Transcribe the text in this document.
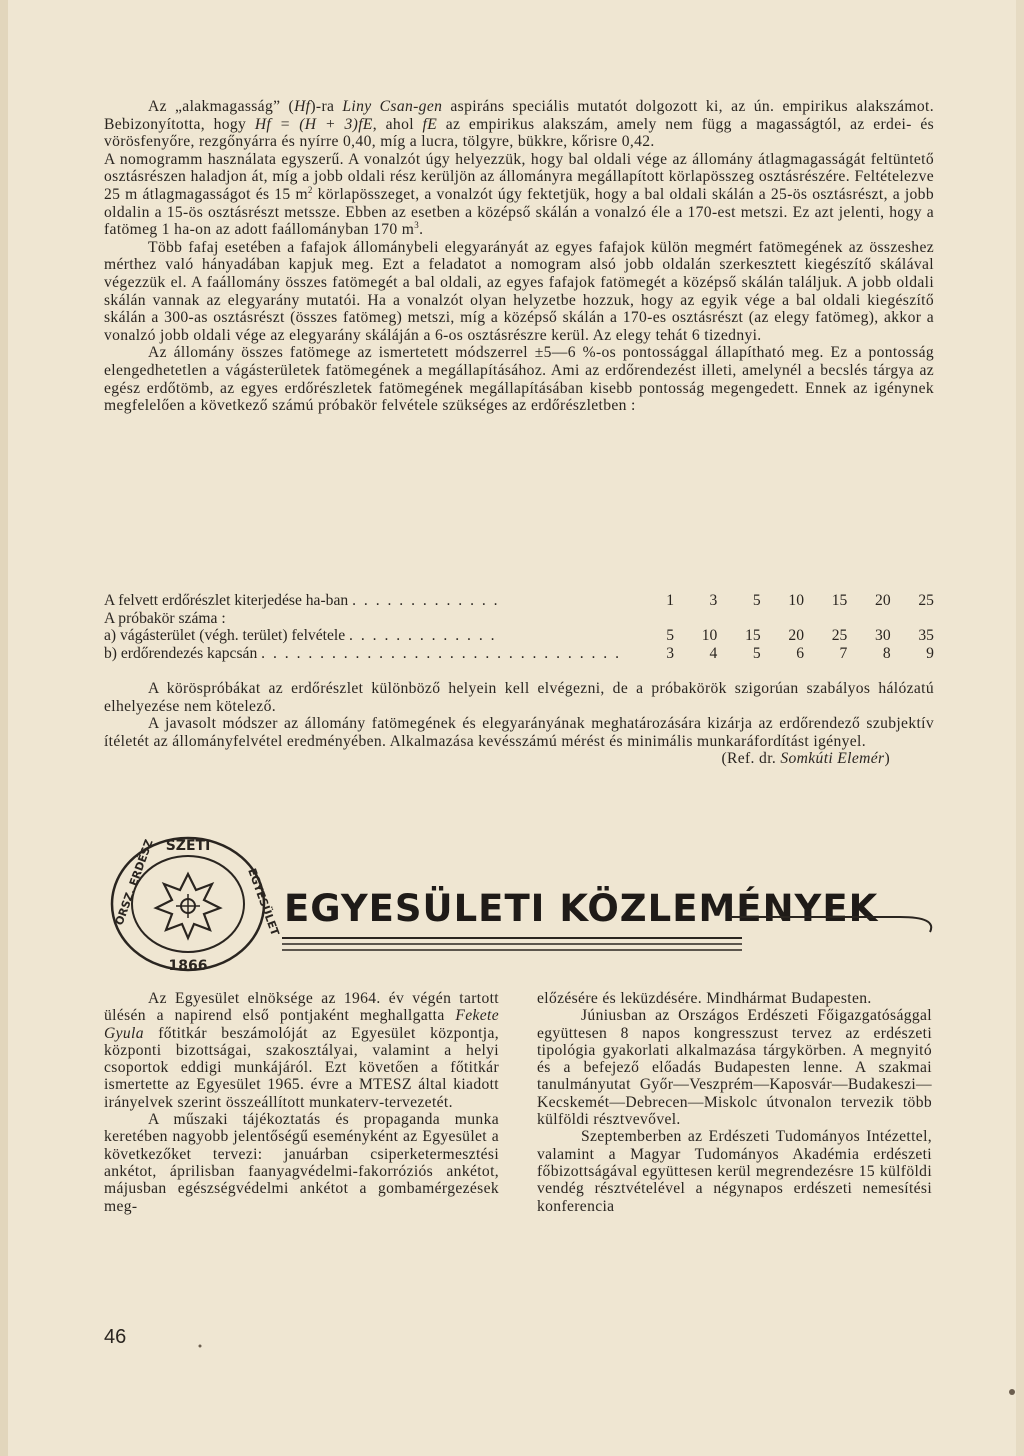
Az „alakmagasság” (Hf)-ra Liny Csan-gen aspiráns speciális mutatót dolgozott ki, az ún. empirikus alakszámot. Bebizonyította, hogy Hf = (H + 3)fE, ahol fE az empirikus alakszám, amely nem függ a magasságtól, az erdei- és vörösfenyőre, rezgőnyárra és nyírre 0,40, míg a lucra, tölgyre, bükkre, kőrisre 0,42.

A nomogramm használata egyszerű. A vonalzót úgy helyezzük, hogy bal oldali vége az állomány átlagmagasságát feltüntető osztásrészen haladjon át, míg a jobb oldali rész kerüljön az állományra megállapított körlapösszeg osztásrészére. Feltételezve 25 m átlagmagasságot és 15 $m^2$ körlapösszeget, a vonalzót úgy fektetjük, hogy a bal oldali skálán a 25-ös osztásrészt, a jobb oldalin a 15-ös osztásrészt metssze. Ebben az esetben a középső skálán a vonalzó éle a 170-est metszi. Ez azt jelenti, hogy a fatömeg 1 ha-on az adott faállományban 170 $m^3$.

Több fafaj esetében a fafajok állománybeli elegyarányát az egyes fafajok külön megmért fatömegének az összeshez mérthez való hányadában kapjuk meg. Ezt a feladatot a nomogram alsó jobb oldalán szerkesztett kiegészítő skálával végezzük el. A faállomány összes fatömegét a bal oldali, az egyes fafajok fatömegét a középső skálán találjuk. A jobb oldali skálán vannak az elegyarány mutatói. Ha a vonalzót olyan helyzetbe hozzuk, hogy az egyik vége a bal oldali kiegészítő skálán a 300-as osztásrészt (összes fatömeg) metszi, míg a középső skálán a 170-es osztásrészt (az elegy fatömeg), akkor a vonalzó jobb oldali vége az elegyarány skáláján a 6-os osztásrészre kerül. Az elegy tehát 6 tizednyi.

Az állomány összes fatömege az ismertetett módszerrel ±5—6 %-os pontossággal állapítható meg. Ez a pontosság elengedhetetlen a vágásterületek fatömegének a megállapításához. Ami az erdőrendezést illeti, amelynél a becslés tárgya az egész erdőtömb, az egyes erdőrészletek fatömegének megállapításában kisebb pontosság megengedett. Ennek az igénynek megfelelően a következő számú próbakör felvétele szükséges az erdőrészletben :

A felvett erdőrészlet kiterjedése ha-ban . . . . . . . . . . . . .	1	3	5	10	15	20	25
A próbakör száma :
a) vágásterület (végh. terület) felvétele . . . . . . . . . . . . .	5	10	15	20	25	30	35
b) erdőrendezés kapcsán . . . . . . . . . . . . . . . . . . . . . . . . . . . . . . .	3	4	5	6	7	8	9

A köröspróbákat az erdőrészlet különböző helyein kell elvégezni, de a próbakörök szigorúan szabályos hálózatú elhelyezése nem kötelező.

A javasolt módszer az állomány fatömegének és elegyarányának meghatározására kizárja az erdőrendező szubjektív ítéletét az állományfelvétel eredményében. Alkalmazása kevésszámú mérést és minimális munkaráfordítást igényel.

(Ref. dr. Somkúti Elemér)

SZETI
ORSZ. ERDÉSZ	EGYESÜLET
1866
EGYESÜLETI KÖZLEMÉNYEK

Az Egyesület elnöksége az 1964. év végén tartott ülésén a napirend első pontjaként meghallgatta Fekete Gyula főtitkár beszámolóját az Egyesület központja, központi bizottságai, szakosztályai, valamint a helyi csoportok eddigi munkájáról. Ezt követően a főtitkár ismertette az Egyesület 1965. évre a MTESZ által kiadott irányelvek szerint összeállított munkaterv-tervezetét.

A műszaki tájékoztatás és propaganda munka keretében nagyobb jelentőségű eseményként az Egyesület a következőket tervezi: januárban csiperketermesztési ankétot, áprilisban faanyagvédelmi-fakorróziós ankétot, májusban egészségvédelmi ankétot a gombamérgezések meg-

előzésére és leküzdésére. Mindhármat Budapesten.

Júniusban az Országos Erdészeti Főigazgatósággal együttesen 8 napos kongresszust tervez az erdészeti tipológia gyakorlati alkalmazása tárgykörben. A megnyitó és a befejező előadás Budapesten lenne. A szakmai tanulmányutat Győr—Veszprém—Kaposvár—Budakeszi—Kecskemét—Debrecen—Miskolc útvonalon tervezik több külföldi résztvevővel.

Szeptemberben az Erdészeti Tudományos Intézettel, valamint a Magyar Tudományos Akadémia erdészeti főbizottságával együttesen kerül megrendezésre 15 külföldi vendég résztvételével a négynapos erdészeti nemesítési konferencia

46
